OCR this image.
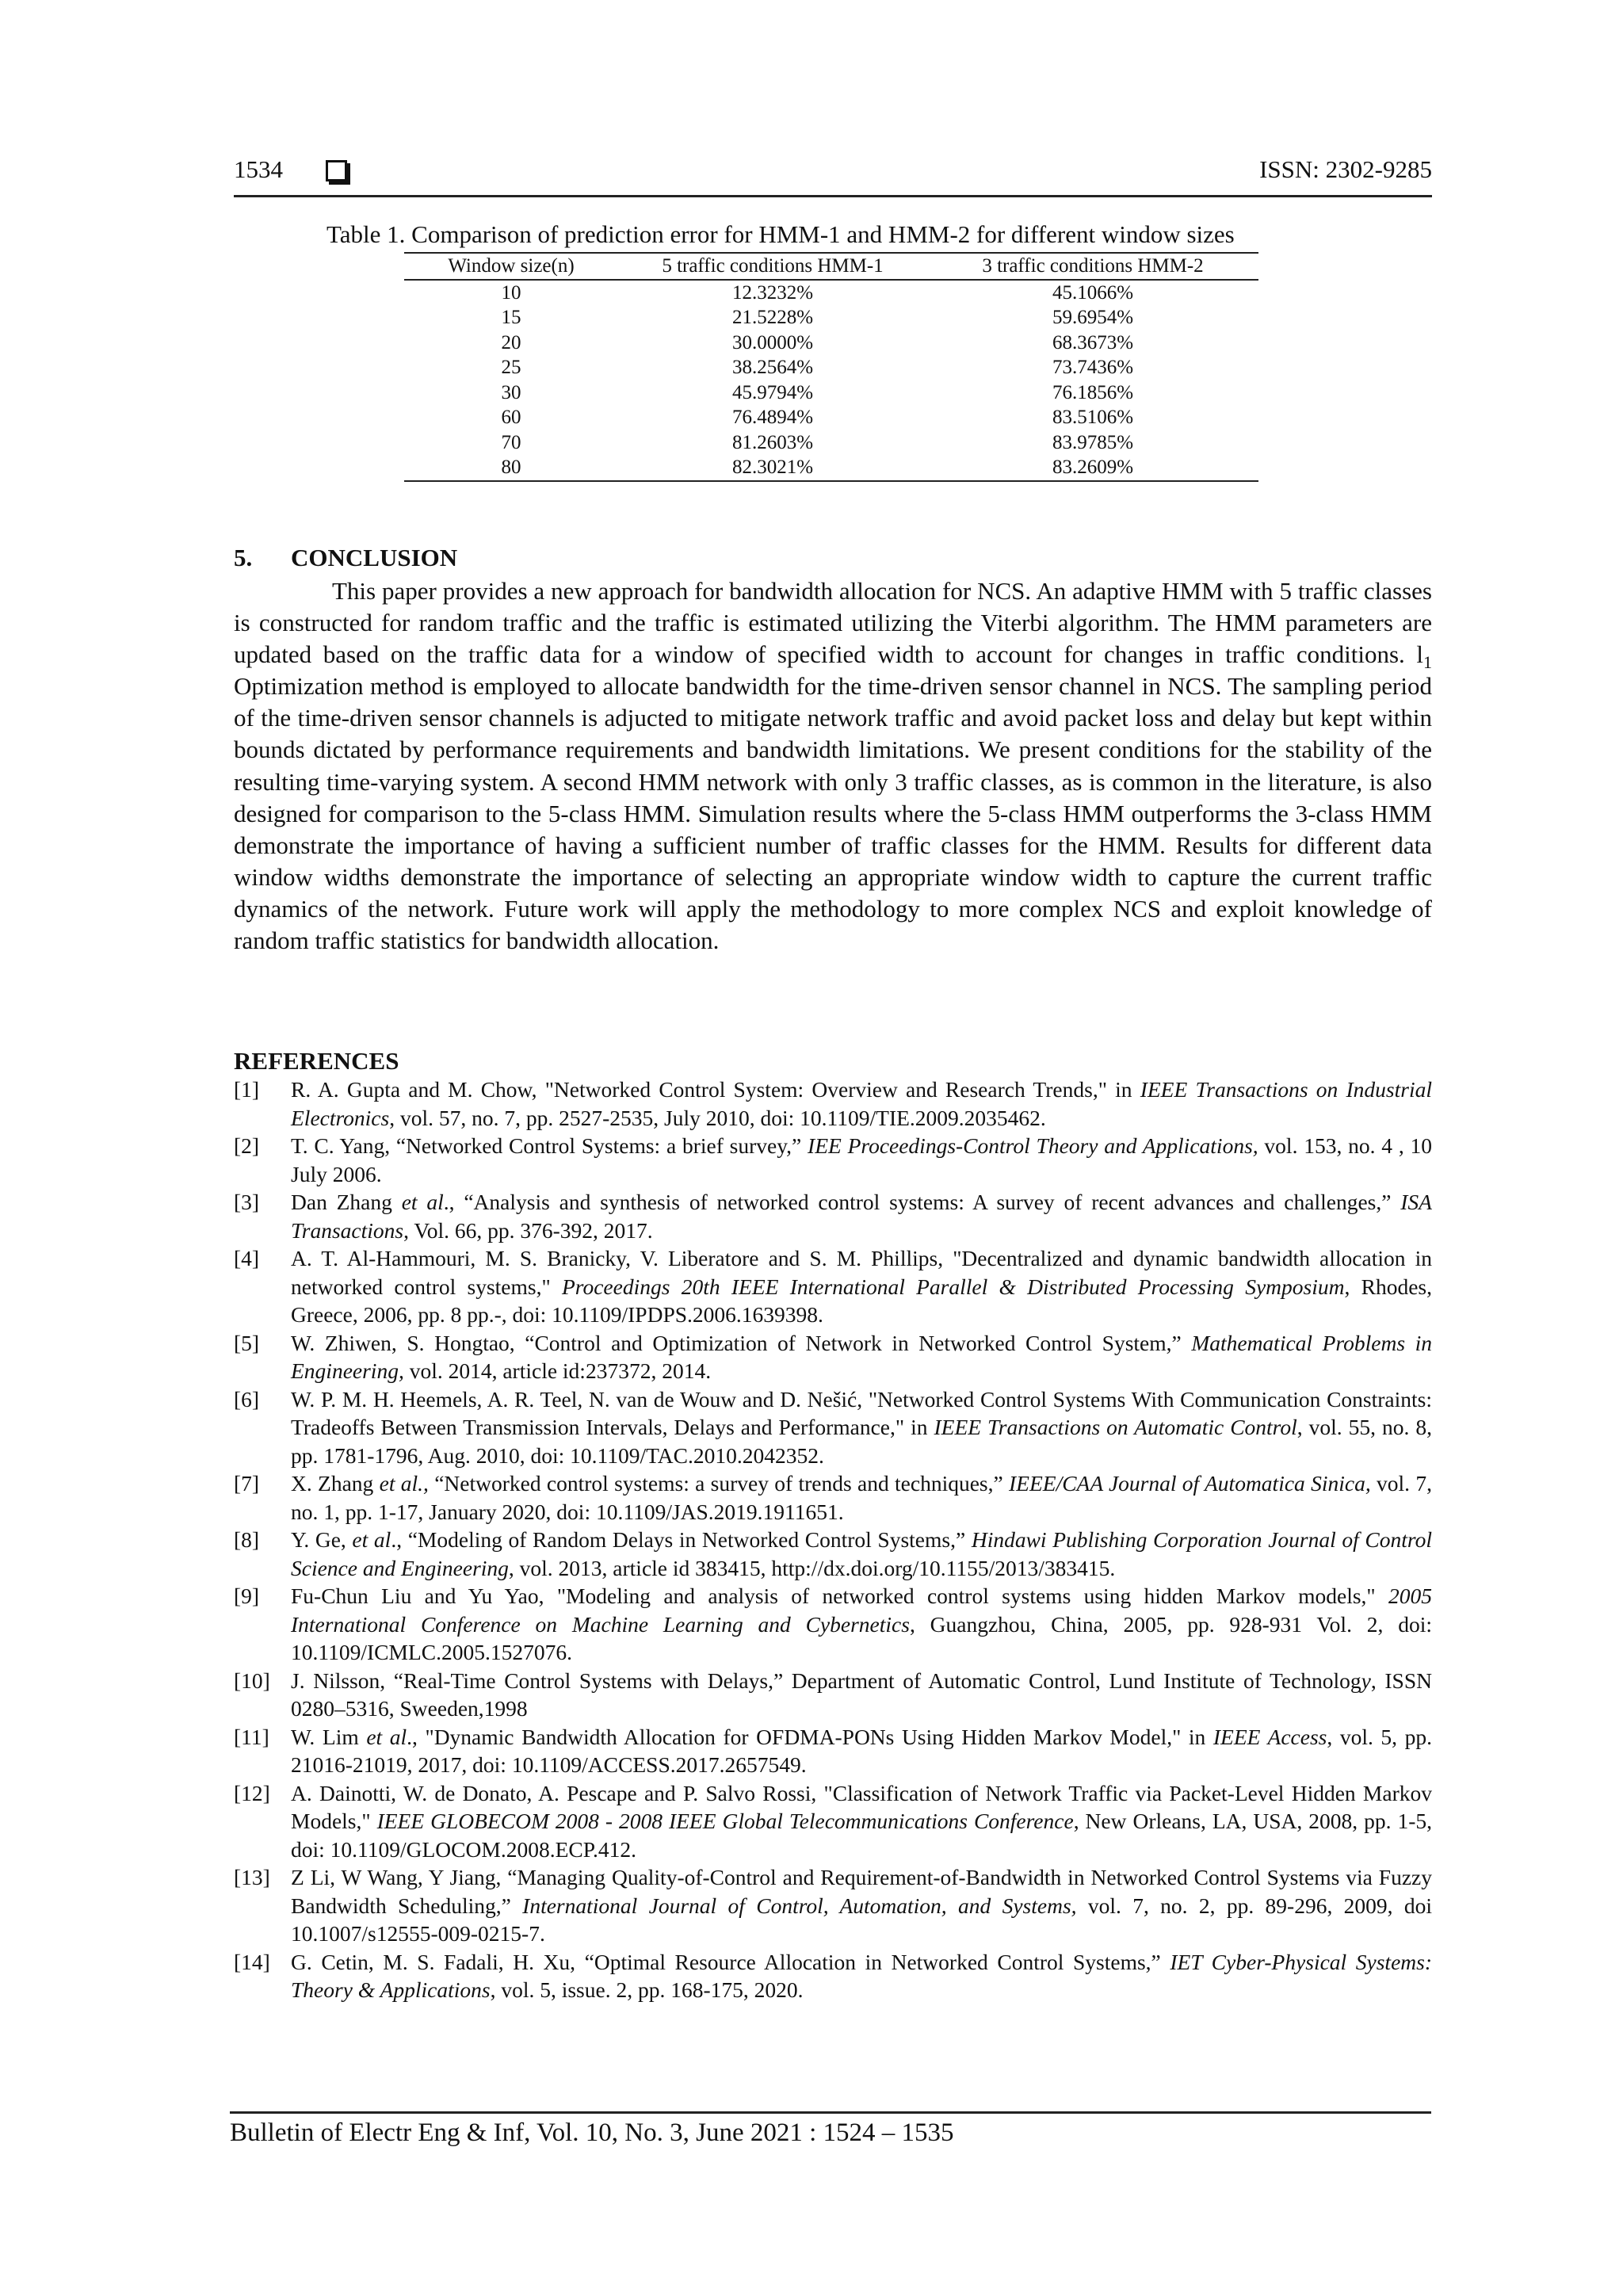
1534	ISSN: 2302-9285
Table 1. Comparison of prediction error for HMM-1 and HMM-2 for different window sizes
Window size(n)	5 traffic conditions HMM-1	3 traffic conditions HMM-2
10	12.3232%	45.1066%
15	21.5228%	59.6954%
20	30.0000%	68.3673%
25	38.2564%	73.7436%
30	45.9794%	76.1856%
60	76.4894%	83.5106%
70	81.2603%	83.9785%
80	82.3021%	83.2609%
5. CONCLUSION

This paper provides a new approach for bandwidth allocation for NCS. An adaptive HMM with 5 traffic classes is constructed for random traffic and the traffic is estimated utilizing the Viterbi algorithm. The HMM parameters are updated based on the traffic data for a window of specified width to account for changes in traffic conditions. $l_1$ Optimization method is employed to allocate bandwidth for the time-driven sensor channel in NCS. The sampling period of the time-driven sensor channels is adjucted to mitigate network traffic and avoid packet loss and delay but kept within bounds dictated by performance requirements and bandwidth limitations. We present conditions for the stability of the resulting time-varying system. A second HMM network with only 3 traffic classes, as is common in the literature, is also designed for comparison to the 5-class HMM. Simulation results where the 5-class HMM outperforms the 3-class HMM demonstrate the importance of having a sufficient number of traffic classes for the HMM. Results for different data window widths demonstrate the importance of selecting an appropriate window width to capture the current traffic dynamics of the network. Future work will apply the methodology to more complex NCS and exploit knowledge of random traffic statistics for bandwidth allocation.

REFERENCES
[1] R. A. Gupta and M. Chow, "Networked Control System: Overview and Research Trends," in IEEE Transactions on Industrial Electronics, vol. 57, no. 7, pp. 2527-2535, July 2010, doi: 10.1109/TIE.2009.2035462.
[2] T. C. Yang, “Networked Control Systems: a brief survey,” IEE Proceedings-Control Theory and Applications, vol. 153, no. 4 , 10 July 2006.
[3] Dan Zhang et al., “Analysis and synthesis of networked control systems: A survey of recent advances and challenges,” ISA Transactions, Vol. 66, pp. 376-392, 2017.
[4] A. T. Al-Hammouri, M. S. Branicky, V. Liberatore and S. M. Phillips, "Decentralized and dynamic bandwidth allocation in networked control systems," Proceedings 20th IEEE International Parallel & Distributed Processing Symposium, Rhodes, Greece, 2006, pp. 8 pp.-, doi: 10.1109/IPDPS.2006.1639398.
[5] W. Zhiwen, S. Hongtao, “Control and Optimization of Network in Networked Control System,” Mathematical Problems in Engineering, vol. 2014, article id:237372, 2014.
[6] W. P. M. H. Heemels, A. R. Teel, N. van de Wouw and D. Nešić, "Networked Control Systems With Communication Constraints: Tradeoffs Between Transmission Intervals, Delays and Performance," in IEEE Transactions on Automatic Control, vol. 55, no. 8, pp. 1781-1796, Aug. 2010, doi: 10.1109/TAC.2010.2042352.
[7] X. Zhang et al., “Networked control systems: a survey of trends and techniques,” IEEE/CAA Journal of Automatica Sinica, vol. 7, no. 1, pp. 1-17, January 2020, doi: 10.1109/JAS.2019.1911651.
[8] Y. Ge, et al., “Modeling of Random Delays in Networked Control Systems,” Hindawi Publishing Corporation Journal of Control Science and Engineering, vol. 2013, article id 383415, http://dx.doi.org/10.1155/2013/383415.
[9] Fu-Chun Liu and Yu Yao, "Modeling and analysis of networked control systems using hidden Markov models," 2005 International Conference on Machine Learning and Cybernetics, Guangzhou, China, 2005, pp. 928-931 Vol. 2, doi: 10.1109/ICMLC.2005.1527076.
[10] J. Nilsson, “Real-Time Control Systems with Delays,” Department of Automatic Control, Lund Institute of Technology, ISSN 0280–5316, Sweeden,1998
[11] W. Lim et al., "Dynamic Bandwidth Allocation for OFDMA-PONs Using Hidden Markov Model," in IEEE Access, vol. 5, pp. 21016-21019, 2017, doi: 10.1109/ACCESS.2017.2657549.
[12] A. Dainotti, W. de Donato, A. Pescape and P. Salvo Rossi, "Classification of Network Traffic via Packet-Level Hidden Markov Models," IEEE GLOBECOM 2008 - 2008 IEEE Global Telecommunications Conference, New Orleans, LA, USA, 2008, pp. 1-5, doi: 10.1109/GLOCOM.2008.ECP.412.
[13] Z Li, W Wang, Y Jiang, “Managing Quality-of-Control and Requirement-of-Bandwidth in Networked Control Systems via Fuzzy Bandwidth Scheduling,” International Journal of Control, Automation, and Systems, vol. 7, no. 2, pp. 89-296, 2009, doi 10.1007/s12555-009-0215-7.
[14] G. Cetin, M. S. Fadali, H. Xu, “Optimal Resource Allocation in Networked Control Systems,” IET Cyber-Physical Systems: Theory & Applications, vol. 5, issue. 2, pp. 168-175, 2020.
Bulletin of Electr Eng & Inf, Vol. 10, No. 3, June 2021 : 1524 – 1535
